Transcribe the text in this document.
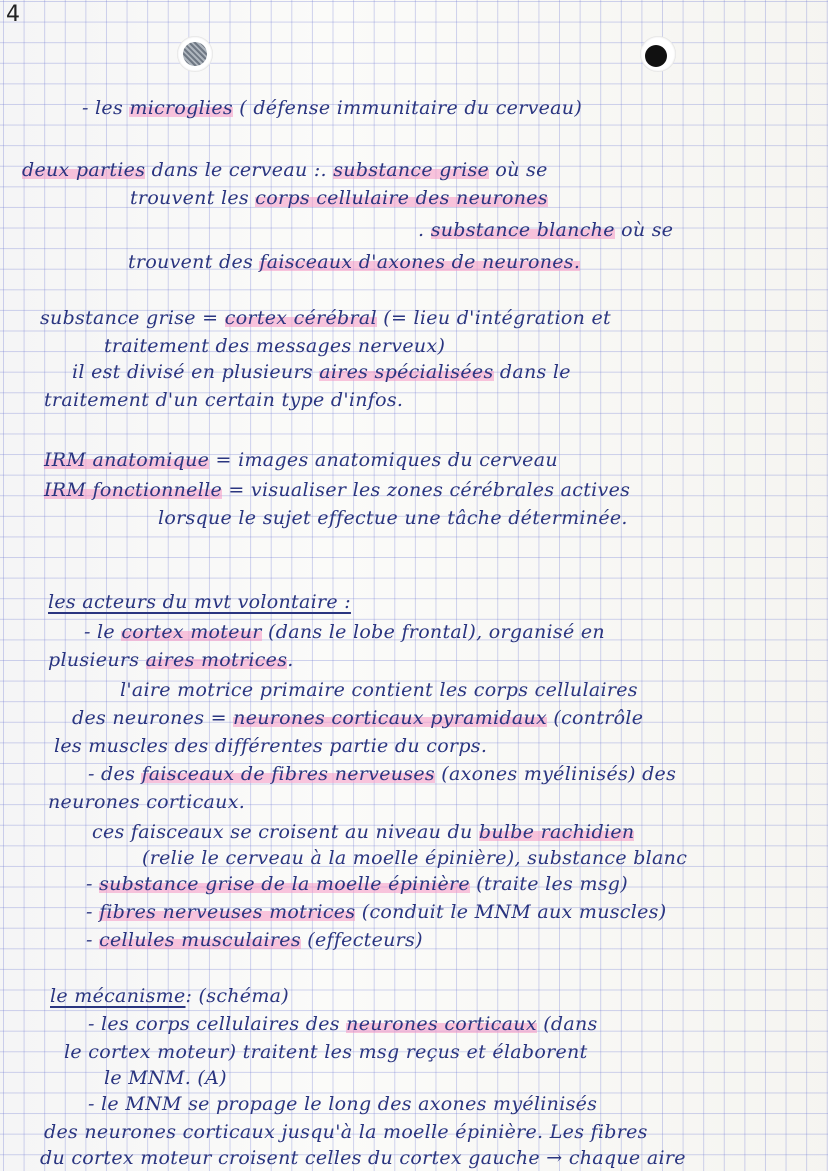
4
- les microglies ( défense immunitaire du cerveau)
deux parties dans le cerveau :. substance grise où se
trouvent les corps cellulaire des neurones
. substance blanche où se
trouvent des faisceaux d'axones de neurones.
substance grise = cortex cérébral (= lieu d'intégration et
traitement des messages nerveux)
il est divisé en plusieurs aires spécialisées dans le
traitement d'un certain type d'infos.
IRM anatomique = images anatomiques du cerveau
IRM fonctionnelle = visualiser les zones cérébrales actives
lorsque le sujet effectue une tâche déterminée.
les acteurs du mvt volontaire :
- le cortex moteur (dans le lobe frontal), organisé en
plusieurs aires motrices.
l'aire motrice primaire contient les corps cellulaires
des neurones = neurones corticaux pyramidaux (contrôle
les muscles des différentes partie du corps.
- des faisceaux de fibres nerveuses (axones myélinisés) des
neurones corticaux.
ces faisceaux se croisent au niveau du bulbe rachidien
(relie le cerveau à la moelle épinière), substance blanc
- substance grise de la moelle épinière (traite les msg)
- fibres nerveuses motrices (conduit le MNM aux muscles)
- cellules musculaires (effecteurs)
le mécanisme: (schéma)
- les corps cellulaires des neurones corticaux (dans
le cortex moteur) traitent les msg reçus et élaborent
le MNM. (A)
- le MNM se propage le long des axones myélinisés
des neurones corticaux jusqu'à la moelle épinière. Les fibres
du cortex moteur croisent celles du cortex gauche → chaque aire
